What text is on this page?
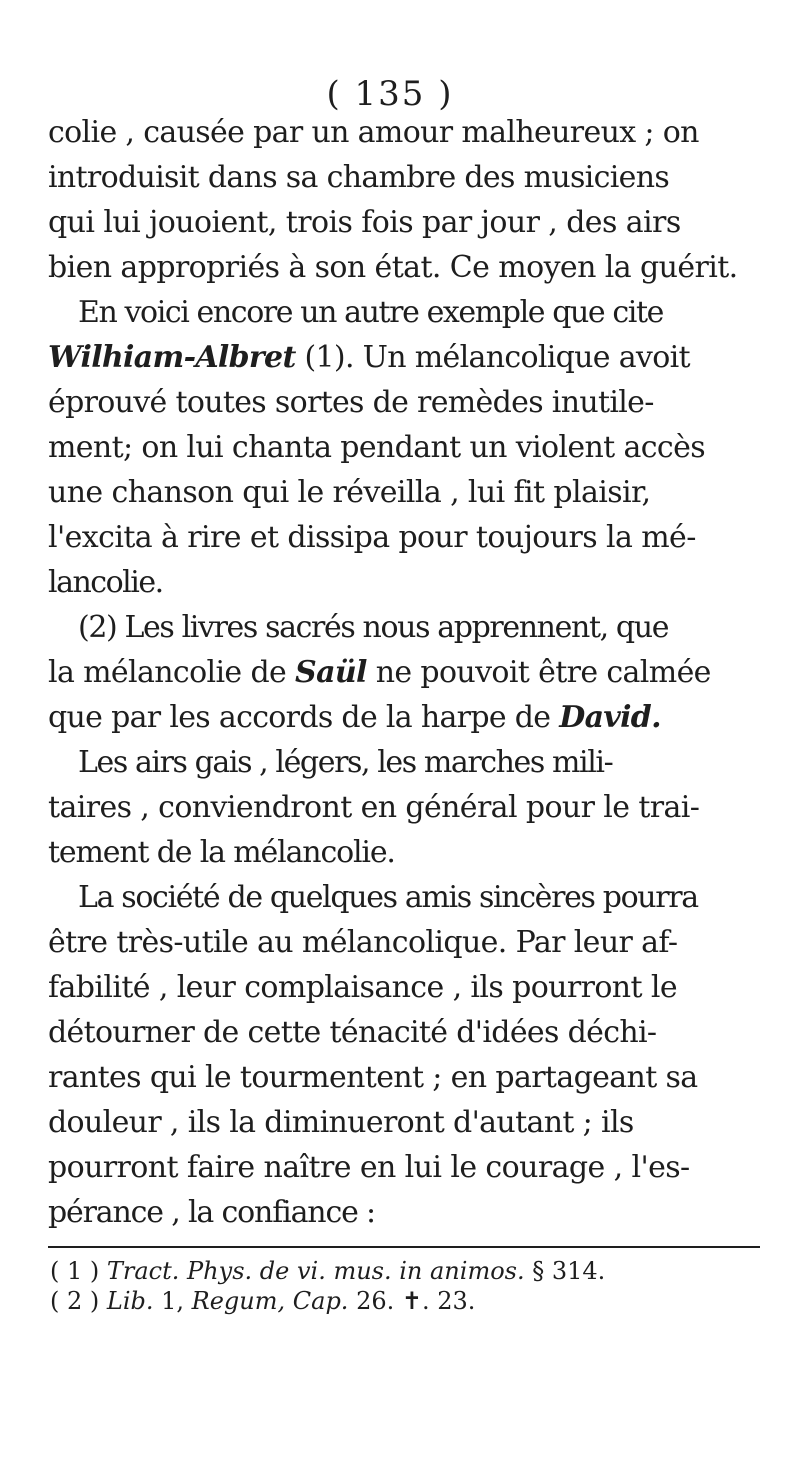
( 135 )
colie , causée par un amour malheureux ; on
introduisit dans sa chambre des musiciens
qui lui jouoient, trois fois par jour , des airs
bien appropriés à son état. Ce moyen la guérit.
En voici encore un autre exemple que cite
Wilhiam-Albret (1). Un mélancolique avoit
éprouvé toutes sortes de remèdes inutile-
ment; on lui chanta pendant un violent accès
une chanson qui le réveilla , lui fit plaisir,
l'excita à rire et dissipa pour toujours la mé-
lancolie.
(2) Les livres sacrés nous apprennent, que
la mélancolie de Saül ne pouvoit être calmée
que par les accords de la harpe de David.
Les airs gais , légers, les marches mili-
taires , conviendront en général pour le trai-
tement de la mélancolie.
La société de quelques amis sincères pourra
être très-utile au mélancolique. Par leur af-
fabilité , leur complaisance , ils pourront le
détourner de cette ténacité d'idées déchi-
rantes qui le tourmentent ; en partageant sa
douleur , ils la diminueront d'autant ; ils
pourront faire naître en lui le courage , l'es-
pérance , la confiance :
( 1 ) Tract. Phys. de vi. mus. in animos. § 314.
( 2 ) Lib. 1, Regum, Cap. 26. ✝. 23.
